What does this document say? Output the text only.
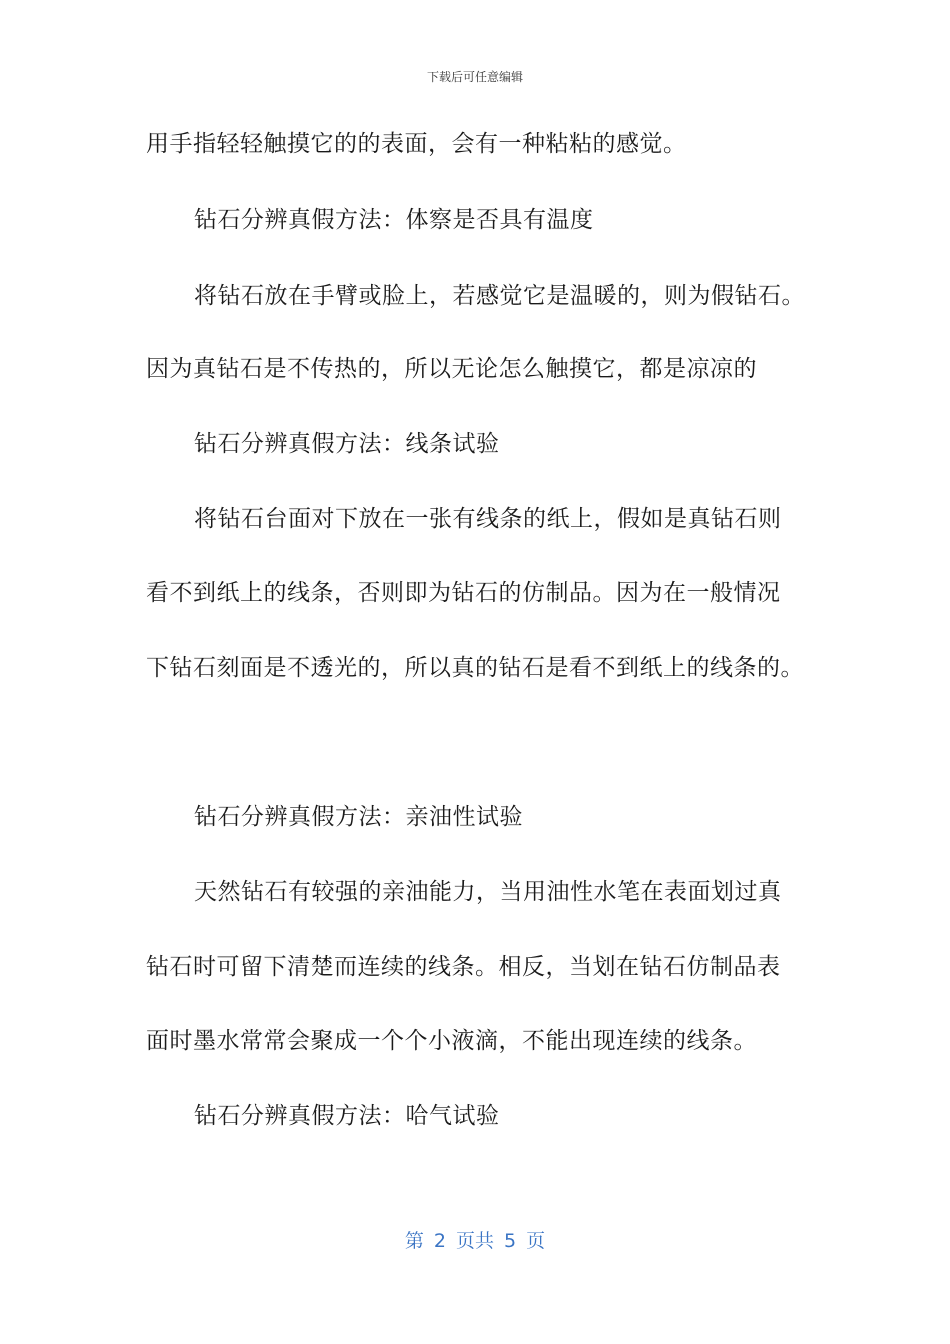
下载后可任意编辑
用手指轻轻触摸它的的表面，会有一种粘粘的感觉。
钻石分辨真假方法：体察是否具有温度
将钻石放在手臂或脸上，若感觉它是温暖的，则为假钻石。
因为真钻石是不传热的，所以无论怎么触摸它，都是凉凉的
钻石分辨真假方法：线条试验
将钻石台面对下放在一张有线条的纸上，假如是真钻石则
看不到纸上的线条，否则即为钻石的仿制品。因为在一般情况
下钻石刻面是不透光的，所以真的钻石是看不到纸上的线条的。
钻石分辨真假方法：亲油性试验
天然钻石有较强的亲油能力，当用油性水笔在表面划过真
钻石时可留下清楚而连续的线条。相反，当划在钻石仿制品表
面时墨水常常会聚成一个个小液滴，不能出现连续的线条。
钻石分辨真假方法：哈气试验
第 2 页共 5 页
